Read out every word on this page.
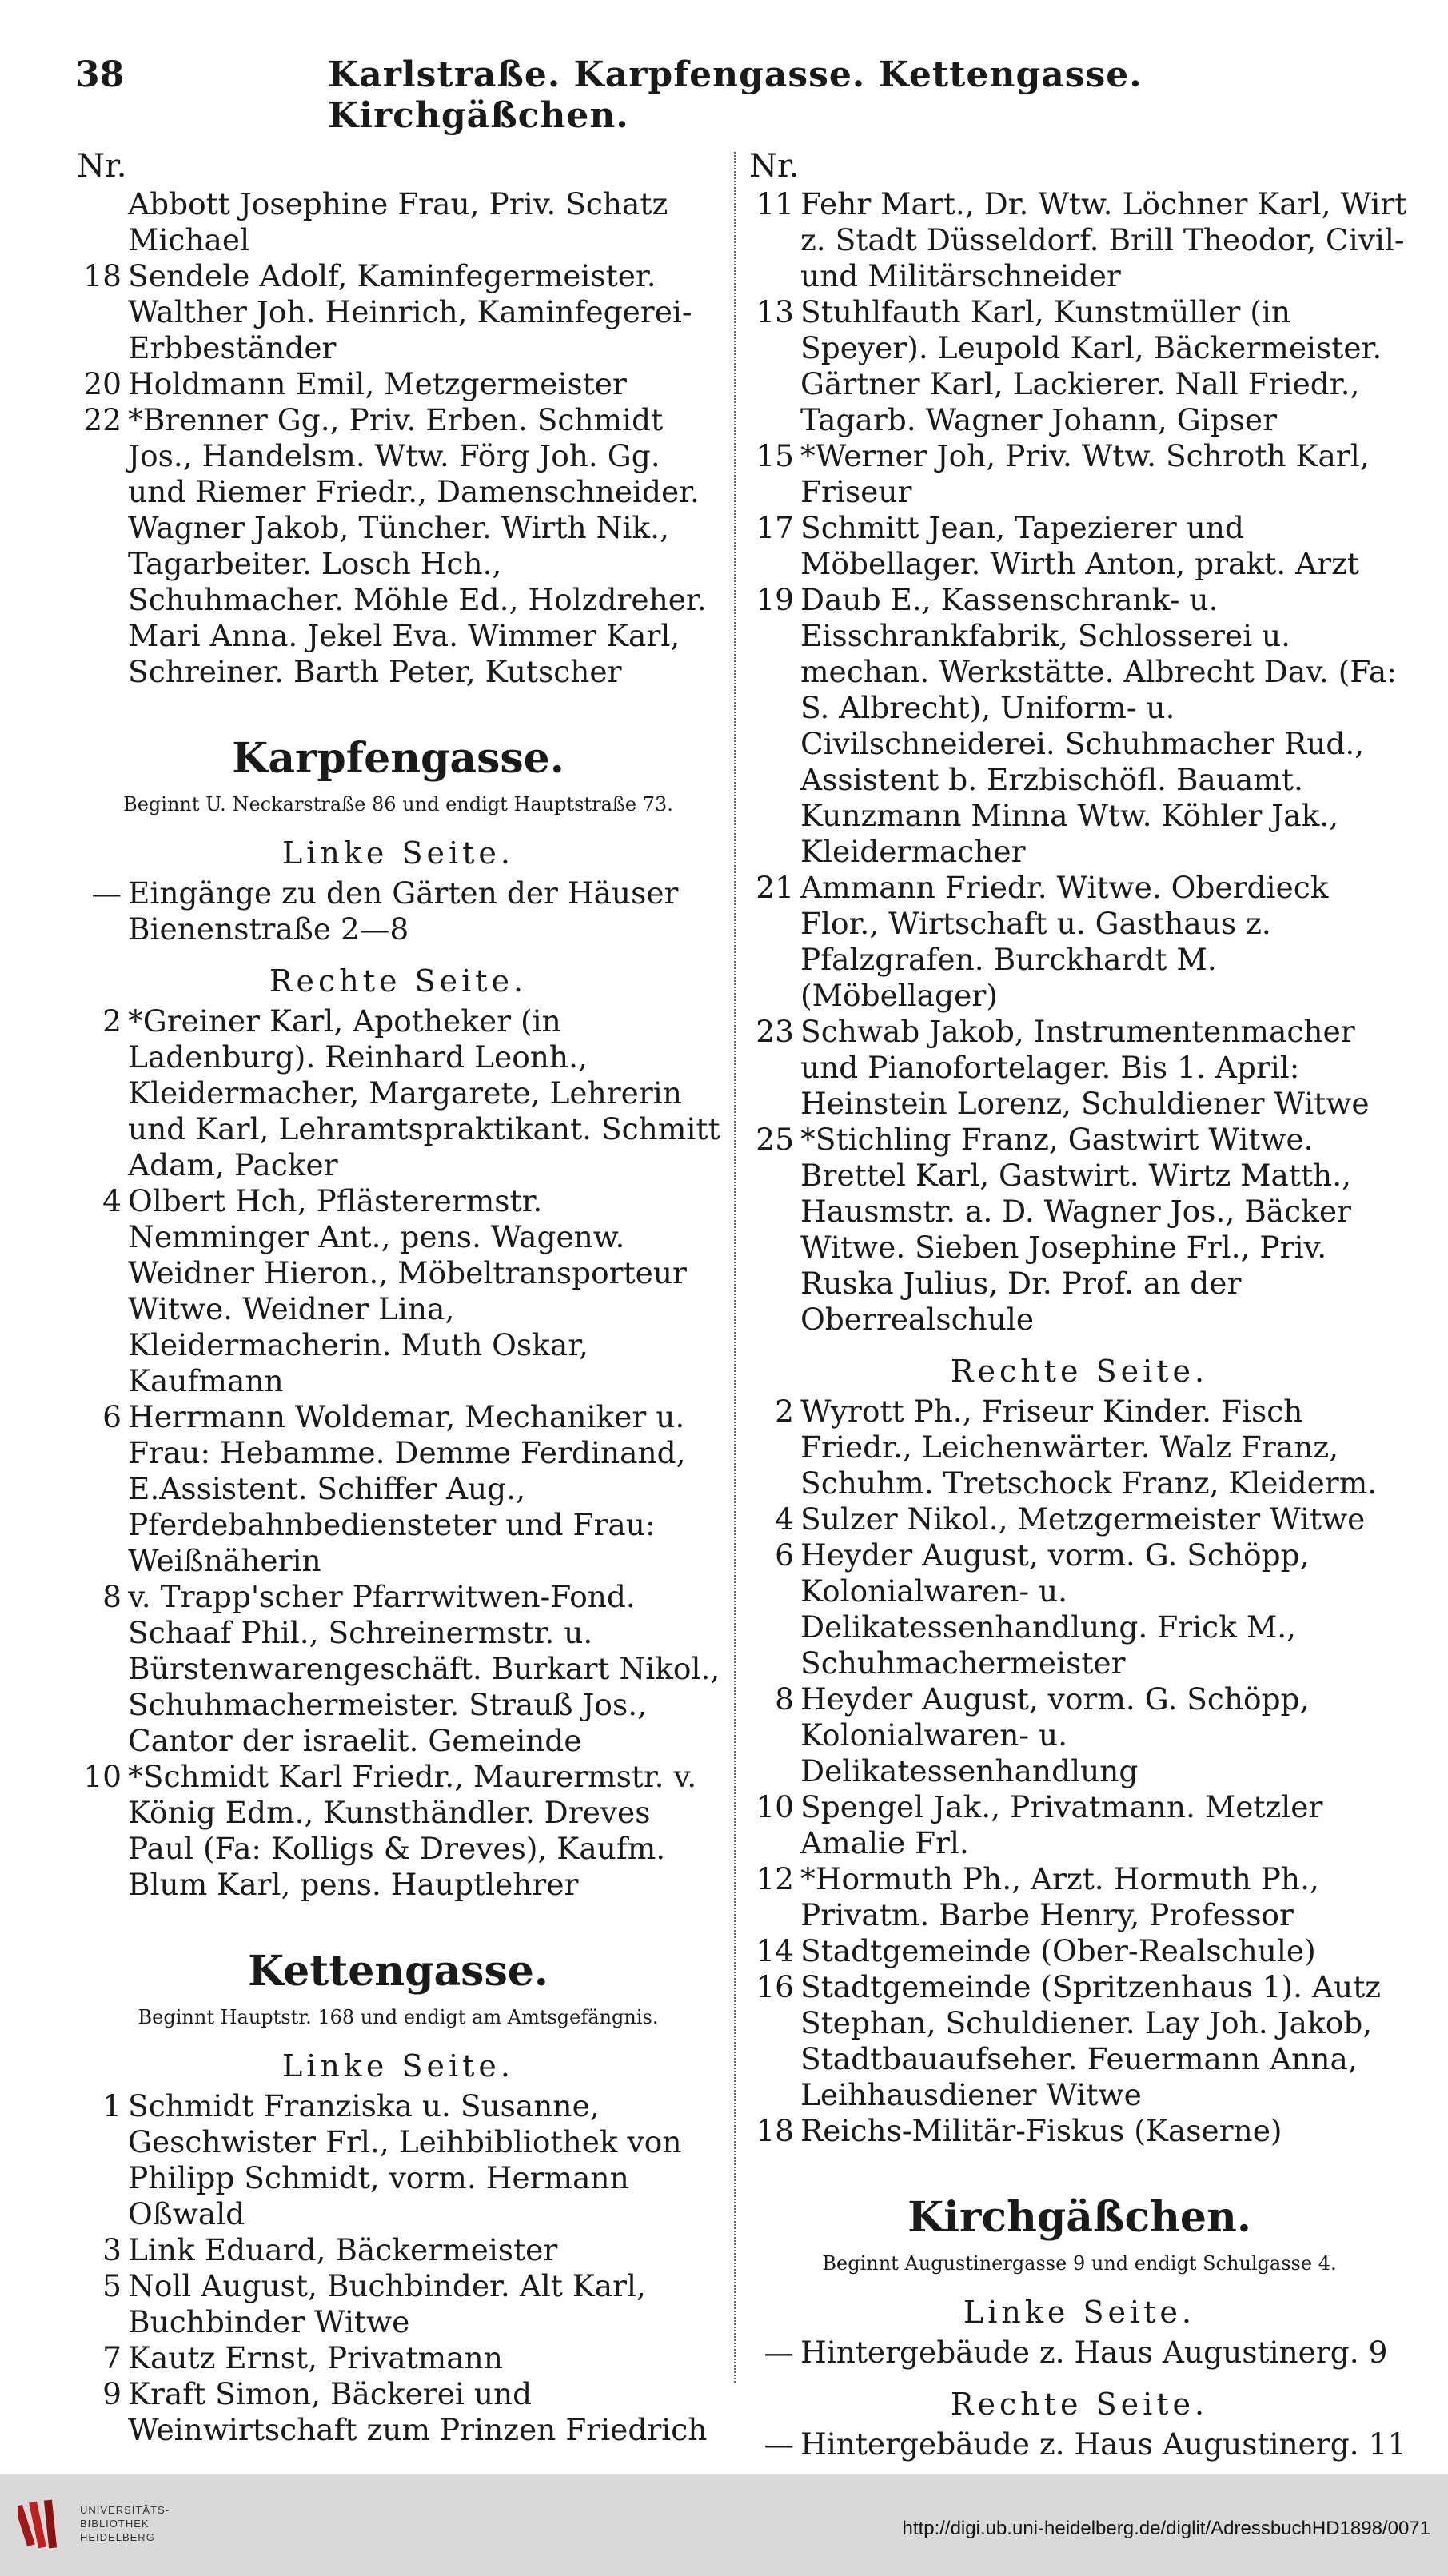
38	Karlstraße. Karpfengasse. Kettengasse. Kirchgäßchen.
Nr.
Abbott Josephine Frau, Priv. Schatz Michael
18 Sendele Adolf, Kaminfegermeister. Walther Joh. Heinrich, Kaminfegerei-Erbbeständer
20 Holdmann Emil, Metzgermeister
22 *Brenner Gg., Priv. Erben. Schmidt Jos., Handelsm. Wtw. Förg Joh. Gg. und Riemer Friedr., Damenschneider. Wagner Jakob, Tüncher. Wirth Nik., Tagarbeiter. Losch Hch., Schuhmacher. Möhle Ed., Holzdreher. Mari Anna. Jekel Eva. Wimmer Karl, Schreiner. Barth Peter, Kutscher
Karpfengasse.
Beginnt U. Neckarstraße 86 und endigt Hauptstraße 73.
Linke Seite.
— Eingänge zu den Gärten der Häuser Bienenstraße 2—8
Rechte Seite.
2 *Greiner Karl, Apotheker (in Ladenburg). Reinhard Leonh., Kleidermacher, Margarete, Lehrerin und Karl, Lehramtspraktikant. Schmitt Adam, Packer
4 Olbert Hch, Pflästerermstr. Nemminger Ant., pens. Wagenw. Weidner Hieron., Möbeltransporteur Witwe. Weidner Lina, Kleidermacherin. Muth Oskar, Kaufmann
6 Herrmann Woldemar, Mechaniker u. Frau: Hebamme. Demme Ferdinand, E.Assistent. Schiffer Aug., Pferdebahnbediensteter und Frau: Weißnäherin
8 v. Trapp'scher Pfarrwitwen-Fond. Schaaf Phil., Schreinermstr. u. Bürstenwarengeschäft. Burkart Nikol., Schuhmachermeister. Strauß Jos., Cantor der israelit. Gemeinde
10 *Schmidt Karl Friedr., Maurermstr. v. König Edm., Kunsthändler. Dreves Paul (Fa: Kolligs & Dreves), Kaufm. Blum Karl, pens. Hauptlehrer
Kettengasse.
Beginnt Hauptstr. 168 und endigt am Amtsgefängnis.
Linke Seite.
1 Schmidt Franziska u. Susanne, Geschwister Frl., Leihbibliothek von Philipp Schmidt, vorm. Hermann Oßwald
3 Link Eduard, Bäckermeister
5 Noll August, Buchbinder. Alt Karl, Buchbinder Witwe
7 Kautz Ernst, Privatmann
9 Kraft Simon, Bäckerei und Weinwirtschaft zum Prinzen Friedrich
Nr.
11 Fehr Mart., Dr. Wtw. Löchner Karl, Wirt z. Stadt Düsseldorf. Brill Theodor, Civil- und Militärschneider
13 Stuhlfauth Karl, Kunstmüller (in Speyer). Leupold Karl, Bäckermeister. Gärtner Karl, Lackierer. Nall Friedr., Tagarb. Wagner Johann, Gipser
15 *Werner Joh, Priv. Wtw. Schroth Karl, Friseur
17 Schmitt Jean, Tapezierer und Möbellager. Wirth Anton, prakt. Arzt
19 Daub E., Kassenschrank- u. Eisschrankfabrik, Schlosserei u. mechan. Werkstätte. Albrecht Dav. (Fa: S. Albrecht), Uniform- u. Civilschneiderei. Schuhmacher Rud., Assistent b. Erzbischöfl. Bauamt. Kunzmann Minna Wtw. Köhler Jak., Kleidermacher
21 Ammann Friedr. Witwe. Oberdieck Flor., Wirtschaft u. Gasthaus z. Pfalzgrafen. Burckhardt M. (Möbellager)
23 Schwab Jakob, Instrumentenmacher und Pianofortelager. Bis 1. April: Heinstein Lorenz, Schuldiener Witwe
25 *Stichling Franz, Gastwirt Witwe. Brettel Karl, Gastwirt. Wirtz Matth., Hausmstr. a. D. Wagner Jos., Bäcker Witwe. Sieben Josephine Frl., Priv. Ruska Julius, Dr. Prof. an der Oberrealschule
Rechte Seite.
2 Wyrott Ph., Friseur Kinder. Fisch Friedr., Leichenwärter. Walz Franz, Schuhm. Tretschock Franz, Kleiderm.
4 Sulzer Nikol., Metzgermeister Witwe
6 Heyder August, vorm. G. Schöpp, Kolonialwaren- u. Delikatessenhandlung. Frick M., Schuhmachermeister
8 Heyder August, vorm. G. Schöpp, Kolonialwaren- u. Delikatessenhandlung
10 Spengel Jak., Privatmann. Metzler Amalie Frl.
12 *Hormuth Ph., Arzt. Hormuth Ph., Privatm. Barbe Henry, Professor
14 Stadtgemeinde (Ober-Realschule)
16 Stadtgemeinde (Spritzenhaus 1). Autz Stephan, Schuldiener. Lay Joh. Jakob, Stadtbauaufseher. Feuermann Anna, Leihhausdiener Witwe
18 Reichs-Militär-Fiskus (Kaserne)
Kirchgäßchen.
Beginnt Augustinergasse 9 und endigt Schulgasse 4.
Linke Seite.
— Hintergebäude z. Haus Augustinerg. 9
Rechte Seite.
— Hintergebäude z. Haus Augustinerg. 11
UNIVERSITÄTS-
BIBLIOTHEK
HEIDELBERG	http://digi.ub.uni-heidelberg.de/diglit/AdressbuchHD1898/0071
